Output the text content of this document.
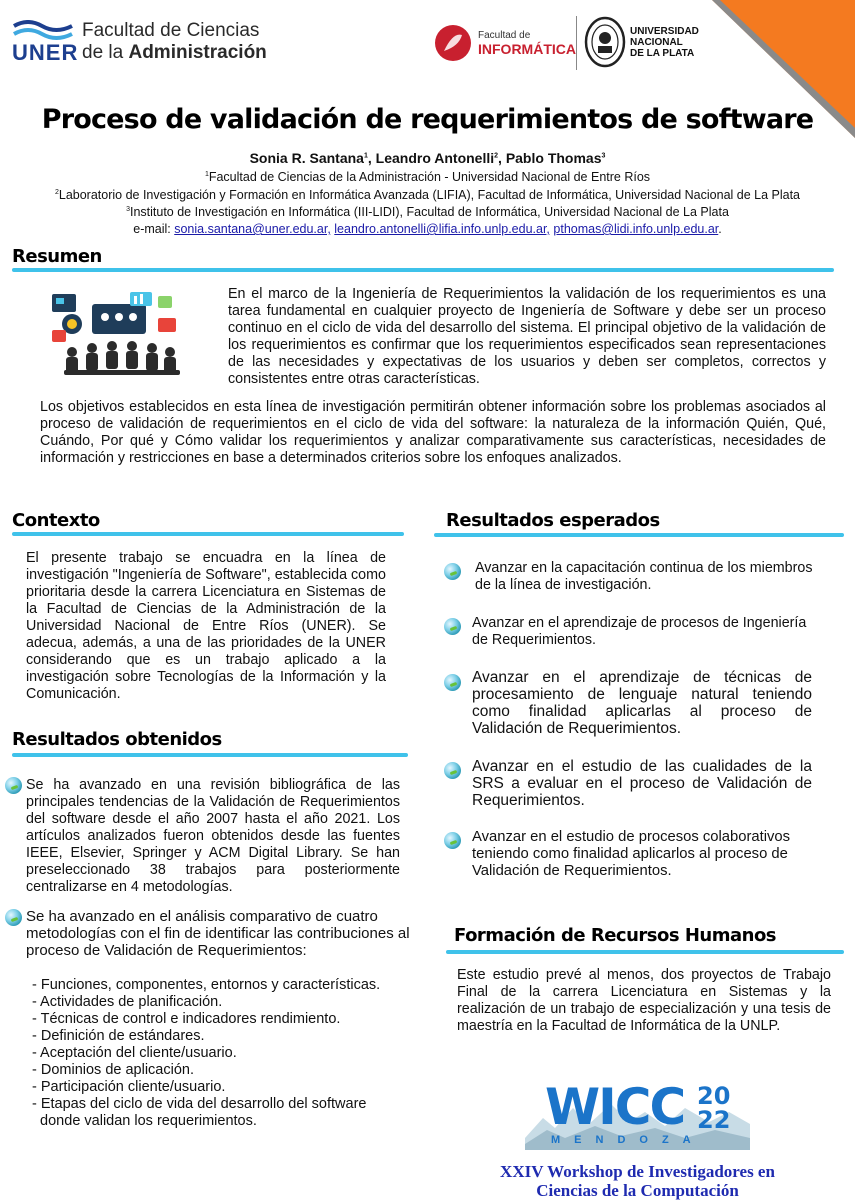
UNER
Facultad de Ciencias
de la Administración
Facultad de
INFORMÁTICA
UNIVERSIDAD
NACIONAL
DE LA PLATA
Proceso de validación de requerimientos de software
Sonia R. Santana$^1$, Leandro Antonelli$^2$, Pablo Thomas$^3$
$^1$Facultad de Ciencias de la Administración - Universidad Nacional de Entre Ríos
$^2$Laboratorio de Investigación y Formación en Informática Avanzada (LIFIA), Facultad de Informática, Universidad Nacional de La Plata
$^3$Instituto de Investigación en Informática (III-LIDI), Facultad de Informática, Universidad Nacional de La Plata
e-mail: sonia.santana@uner.edu.ar, leandro.antonelli@lifia.info.unlp.edu.ar, pthomas@lidi.info.unlp.edu.ar.
Resumen
En el marco de la Ingeniería de Requerimientos la validación de los requerimientos es una tarea fundamental en cualquier proyecto de Ingeniería de Software y debe ser un proceso continuo en el ciclo de vida del desarrollo del sistema. El principal objetivo de la validación de los requerimientos es confirmar que los requerimientos especificados sean representaciones de las necesidades y expectativas de los usuarios y deben ser completos, correctos y consistentes entre otras características.
Los objetivos establecidos en esta línea de investigación permitirán obtener información sobre los problemas asociados al proceso de validación de requerimientos en el ciclo de vida del software: la naturaleza de la información Quién, Qué, Cuándo, Por qué y Cómo validar los requerimientos y analizar comparativamente sus características, necesidades de información y restricciones en base a determinados criterios sobre los enfoques analizados.
Contexto
El presente trabajo se encuadra en la línea de investigación "Ingeniería de Software", establecida como prioritaria desde la carrera Licenciatura en Sistemas de la Facultad de Ciencias de la Administración de la Universidad Nacional de Entre Ríos (UNER). Se adecua, además, a una de las prioridades de la UNER considerando que es un trabajo aplicado a la investigación sobre Tecnologías de la Información y la Comunicación.
Resultados obtenidos
Se ha avanzado en una revisión bibliográfica de las principales tendencias de la Validación de Requerimientos del software desde el año 2007 hasta el año 2021. Los artículos analizados fueron obtenidos desde las fuentes IEEE, Elsevier, Springer y ACM Digital Library. Se han preseleccionado 38 trabajos para posteriormente centralizarse en 4 metodologías.
Se ha avanzado en el análisis comparativo de cuatro metodologías con el fin de identificar las contribuciones al proceso de Validación de Requerimientos:
- Funciones, componentes, entornos y características.
- Actividades de planificación.
- Técnicas de control e indicadores rendimiento.
- Definición de estándares.
- Aceptación del cliente/usuario.
- Dominios de aplicación.
- Participación cliente/usuario.
- Etapas del ciclo de vida del desarrollo del software
donde validan los requerimientos.
Resultados esperados
Avanzar en la capacitación continua de los miembros de la línea de investigación.
Avanzar en el aprendizaje de procesos de Ingeniería de Requerimientos.
Avanzar en el aprendizaje de técnicas de procesamiento de lenguaje natural teniendo como finalidad aplicarlas al proceso de Validación de Requerimientos.
Avanzar en el estudio de las cualidades de la SRS a evaluar en el proceso de Validación de Requerimientos.
Avanzar en el estudio de procesos colaborativos teniendo como finalidad aplicarlos al proceso de Validación de Requerimientos.
Formación de Recursos Humanos
Este estudio prevé al menos, dos proyectos de Trabajo Final de la carrera Licenciatura en Sistemas y la realización de un trabajo de especialización y una tesis de maestría en la Facultad de Informática de la UNLP.
WICC 20
22
MENDOZA
XXIV Workshop de Investigadores en
Ciencias de la Computación
